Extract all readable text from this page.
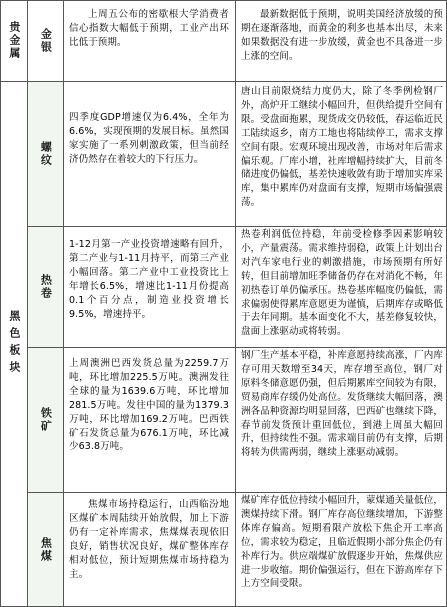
贵金属 金银
上周五公布的密歇根大学消费者信心指数大幅低于预期，工业产出环比低于预期。
最新数据低于预期，说明美国经济放缓的预期在逐渐落地，而黄金的利多也基本出尽，未来如果数据没有进一步放缓，黄金也不具备进一步上涨的空间。
黑色板块
螺纹
四季度GDP增速仅为6.4%，全年为6.6%，实现预期的发展目标。虽然国家实施了一系列刺激政策，但当前经济仍然存在着较大的下行压力。
唐山目前限烧结力度仍大，除了冬季例检钢厂外，高炉开工继续小幅回升，但供给提升空间有限。受盘面拖累，现货成交仍较低，春运临近民工陆续返乡，南方工地也将陆续停工，需求支撑空间有限。宏观环境出现改善，市场对年后需求偏乐观。厂库小增，社库增幅持续扩大，目前冬储进度仍偏低，基差快速收敛有助于增加实库采库，集中累库仍对盘面有支撑，短期市场偏强震荡。
热卷
1-12月第一产业投资增速略有回升，第二产业与1-11月持平，而第三产业小幅回落。第二产业中工业投资比上年增长6.5%，增速比1-11月份提高0.1个百分点，制造业投资增长9.5%，增速持平。
热卷利润低位持稳，年前受检修季因素影响较小，产量震荡。需求维持弱稳，政策上计划出台对汽车家电行业的刺激措施，市场预期有所好转，但目前增加旺季储备仍存在对消化不畅，年初热卷订单仍偏承压。热卷基库幅度仍偏低，需求偏弱使得累库意愿更为谨慎，后期库存或略低于去年同期。基本面变化不大，基差修复较快，盘面上涨驱动或将转弱。
铁矿
上周澳洲巴西发货总量为2259.7万吨，环比增加225.5万吨。澳洲发往全球的量为1639.6万吨，环比增加281.5万吨。发往中国的量为1379.3万吨，环比增加169.2万吨。巴西铁矿石发货总量为676.1万吨，环比减少63.8万吨。
钢厂生产基本平稳，补库意愿持续高涨，厂内库存可用天数增至34天，库存增至高位，钢厂对原料冬储意愿仍强，但后期累库空间较为有限，贸易商库存缓仍处高位。发货继续大幅回落，澳洲各品种资源均明显回落，巴西矿也继续下降，春节前发货预计重回低位，到港上周虽大幅回升，但持续性不强。需求端目前仍有支撑，后期将转为供需两弱，继续上涨驱动减弱。
焦煤
焦煤市场持稳运行，山西临汾地区煤矿本周陆续开始放假，加上下游仍有一定补库需求，焦煤煤表现依旧良好，销售状况良好，煤矿整体库存相对低位，预计短期焦煤市场持稳为主。
煤矿库存低位持续小幅回升，蒙煤通关量低位，澳煤持续下滑。钢厂库存高位继续增加，下游整体库存偏高。短期看限产放松下焦企开工率高位，需求较为稳定，且临近假期小部分焦企仍有补库行为。供应端煤矿放假逐步开始，焦煤供应进一步收缩。期价偏强运行，但在下游高库存下上方空间受限。
